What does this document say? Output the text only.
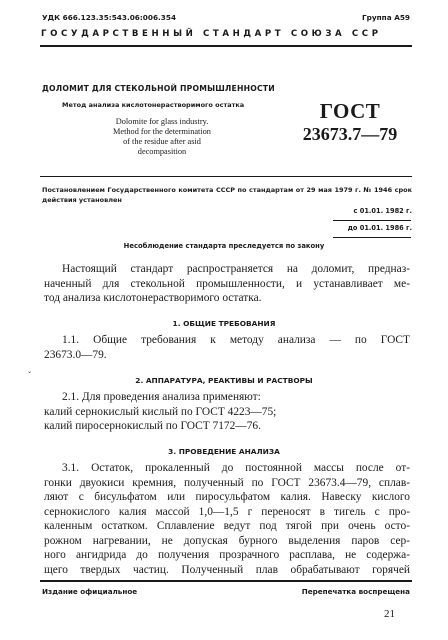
УДК 666.123.35:543.06:006.354	Группа А59
ГОСУДАРСТВЕННЫЙ СТАНДАРТ СОЮЗА ССР
ДОЛОМИТ ДЛЯ СТЕКОЛЬНОЙ ПРОМЫШЛЕННОСТИ
Метод анализа кислотонерастворимого остатка
Dolomite for glass industry.
Method for the determination
of the residue after asid
decompasition
ГОСТ
23673.7—79
Постановлением Государственного комитета СССР по стандартам от 29 мая 1979 г. № 1946 срок действия установлен
с 01.01. 1982 г.
до 01.01. 1986 г.
Несоблюдение стандарта преследуется по закону
Настоящий стандарт распространяется на доломит, предназ-
наченный для стекольной промышленности, и устанавливает ме-
тод анализа кислотонерастворимого остатка.
1. ОБЩИЕ ТРЕБОВАНИЯ
1.1. Общие требования к методу анализа — по ГОСТ
23673.0—79.
ˇ
2. АППАРАТУРА, РЕАКТИВЫ И РАСТВОРЫ
2.1. Для проведения анализа применяют:
калий сернокислый кислый по ГОСТ 4223—75;
калий пиросернокислый по ГОСТ 7172—76.
3. ПРОВЕДЕНИЕ АНАЛИЗА
3.1. Остаток, прокаленный до постоянной массы после от-
гонки двуокиси кремния, полученный по ГОСТ 23673.4—79, сплав-
ляют с бисульфатом или пиросульфатом калия. Навеску кислого
сернокислого калия массой 1,0—1,5 г переносят в тигель с про-
каленным остатком. Сплавление ведут под тягой при очень осто-
рожном нагревании, не допуская бурного выделения паров сер-
ного ангидрида до получения прозрачного расплава, не содержа-
щего твердых частиц. Полученный плав обрабатывают горячей
Издание официальное	Перепечатка воспрещена
21
